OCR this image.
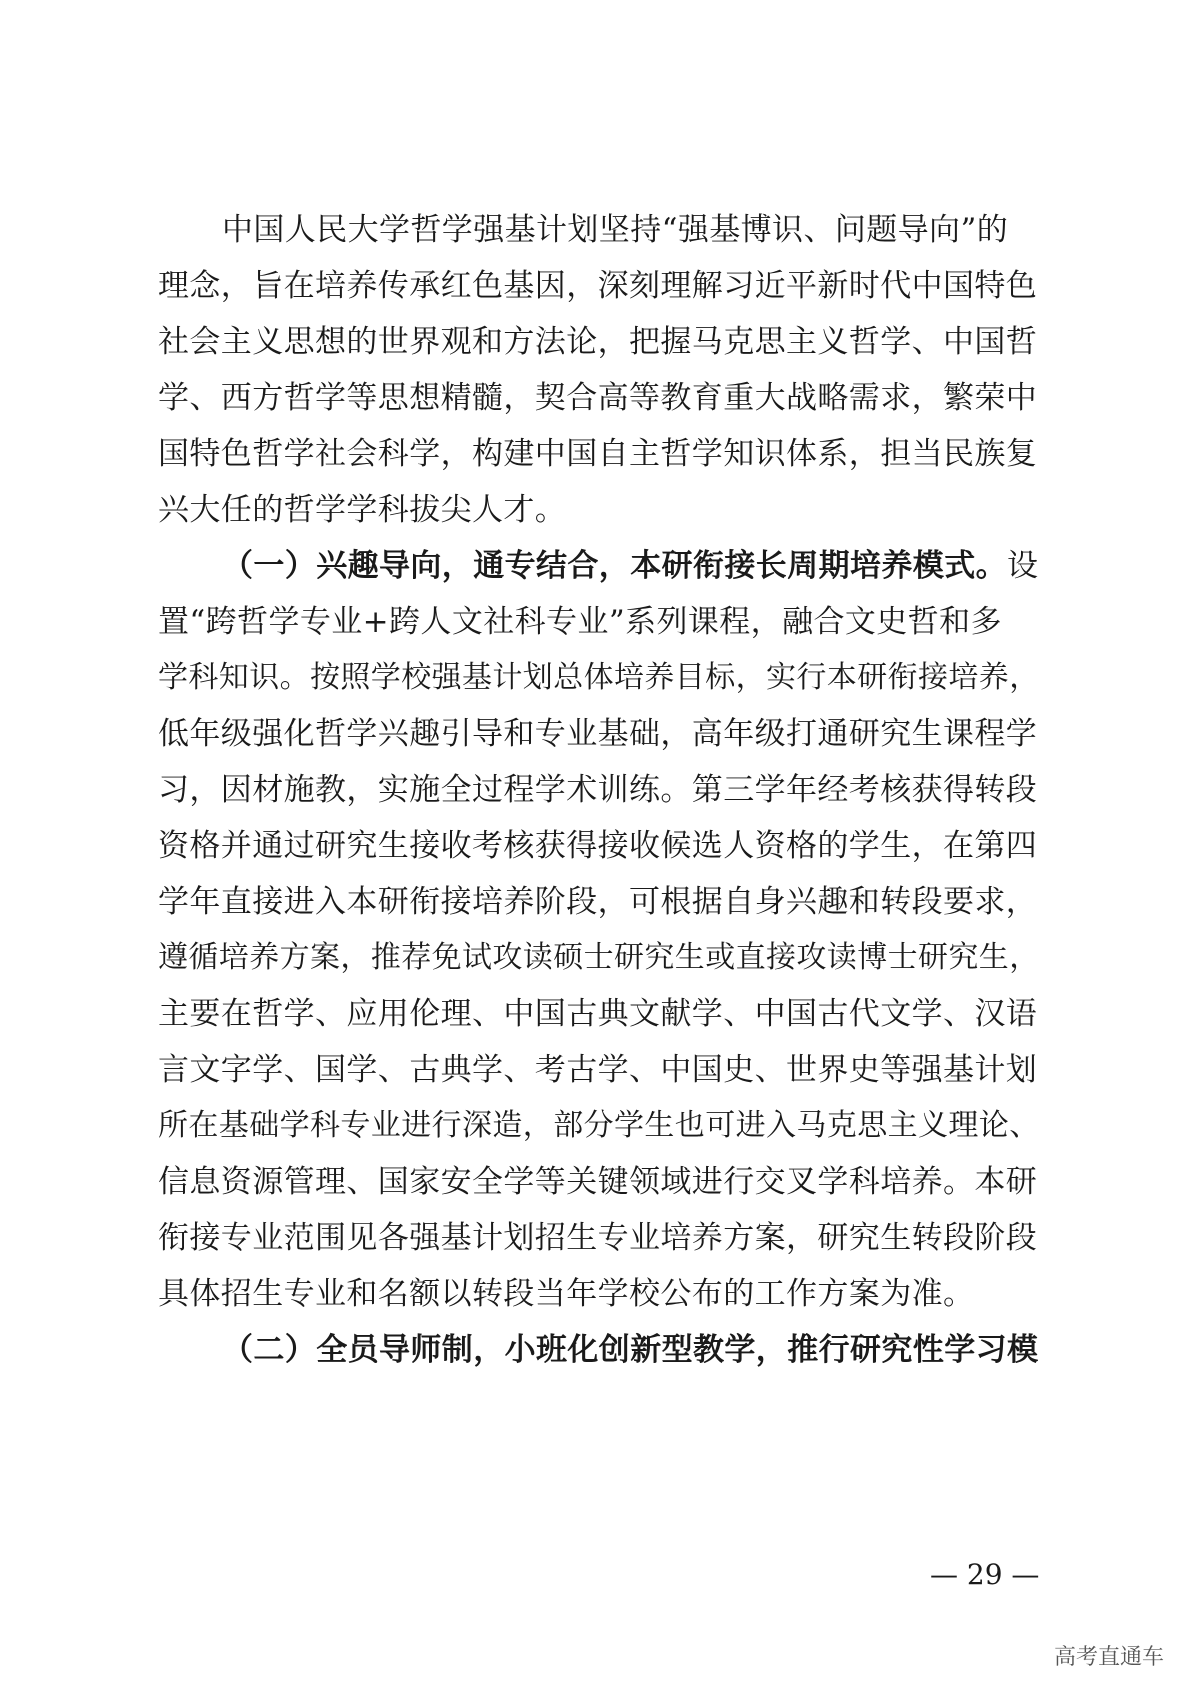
中国人民大学哲学强基计划坚持“强基博识、问题导向”的
理念，旨在培养传承红色基因，深刻理解习近平新时代中国特色
社会主义思想的世界观和方法论，把握马克思主义哲学、中国哲
学、西方哲学等思想精髓，契合高等教育重大战略需求，繁荣中
国特色哲学社会科学，构建中国自主哲学知识体系，担当民族复
兴大任的哲学学科拔尖人才。
（一）兴趣导向，通专结合，本研衔接长周期培养模式。设
置“跨哲学专业+跨人文社科专业”系列课程，融合文史哲和多
学科知识。按照学校强基计划总体培养目标，实行本研衔接培养，
低年级强化哲学兴趣引导和专业基础，高年级打通研究生课程学
习，因材施教，实施全过程学术训练。第三学年经考核获得转段
资格并通过研究生接收考核获得接收候选人资格的学生，在第四
学年直接进入本研衔接培养阶段，可根据自身兴趣和转段要求，
遵循培养方案，推荐免试攻读硕士研究生或直接攻读博士研究生，
主要在哲学、应用伦理、中国古典文献学、中国古代文学、汉语
言文字学、国学、古典学、考古学、中国史、世界史等强基计划
所在基础学科专业进行深造，部分学生也可进入马克思主义理论、
信息资源管理、国家安全学等关键领域进行交叉学科培养。本研
衔接专业范围见各强基计划招生专业培养方案，研究生转段阶段
具体招生专业和名额以转段当年学校公布的工作方案为准。
（二）全员导师制，小班化创新型教学，推行研究性学习模
— 29 —
高考直通车
